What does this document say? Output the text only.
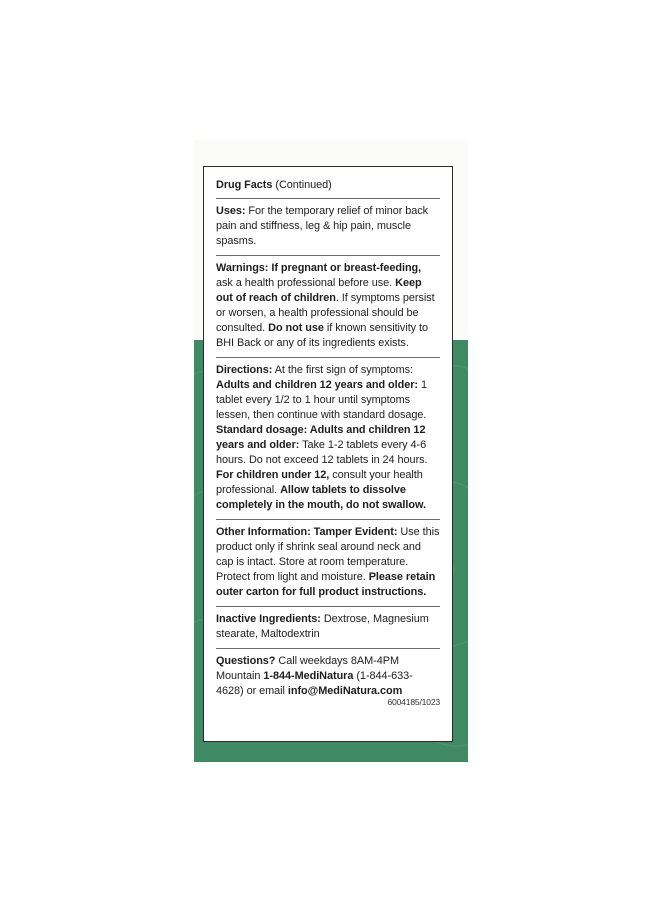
Drug Facts (Continued)
Uses: For the temporary relief of minor back pain and stiffness, leg & hip pain, muscle spasms.
Warnings: If pregnant or breast-feeding, ask a health professional before use. Keep out of reach of children. If symptoms persist or worsen, a health professional should be consulted. Do not use if known sensitivity to BHI Back or any of its ingredients exists.
Directions: At the first sign of symptoms: Adults and children 12 years and older: 1 tablet every 1/2 to 1 hour until symptoms lessen, then continue with standard dosage. Standard dosage: Adults and children 12 years and older: Take 1-2 tablets every 4-6 hours. Do not exceed 12 tablets in 24 hours. For children under 12, consult your health professional. Allow tablets to dissolve completely in the mouth, do not swallow.
Other Information: Tamper Evident: Use this product only if shrink seal around neck and cap is intact. Store at room temperature. Protect from light and moisture. Please retain outer carton for full product instructions.
Inactive Ingredients: Dextrose, Magnesium stearate, Maltodextrin
Questions? Call weekdays 8AM-4PM Mountain 1-844-MediNatura (1-844-633-4628) or email info@MediNatura.com
6004185/1023
